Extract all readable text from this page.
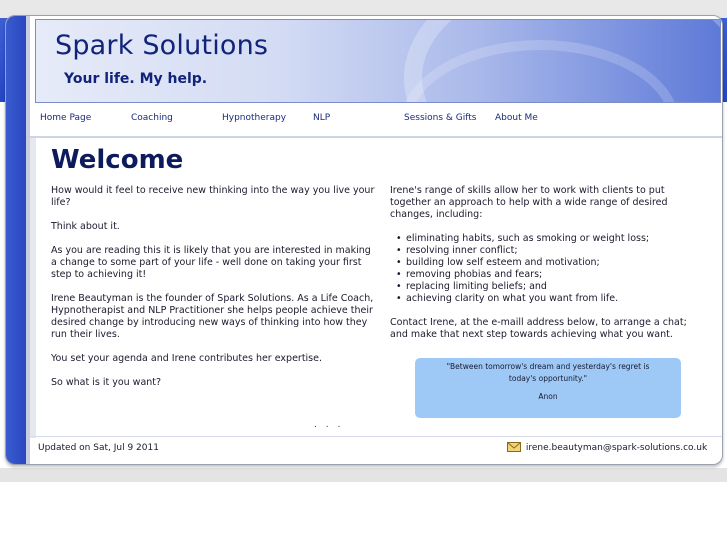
Spark Solutions
Your life. My help.
Home Page	Coaching	Hypnotherapy	NLP	Sessions & Gifts About Me
Welcome

How would it feel to receive new thinking into the way you live your life?

Think about it.

As you are reading this it is likely that you are interested in making a change to some part of your life - well done on taking your first step to achieving it!

Irene Beautyman is the founder of Spark Solutions. As a Life Coach, Hypnotherapist and NLP Practitioner she helps people achieve their desired change by introducing new ways of thinking into how they run their lives.

You set your agenda and Irene contributes her expertise.

So what is it you want?

Irene's range of skills allow her to work with clients to put together an approach to help with a wide range of desired changes, including:

• eliminating habits, such as smoking or weight loss;
• resolving inner conflict;
• building low self esteem and motivation;
• removing phobias and fears;
• replacing limiting beliefs; and
• achieving clarity on what you want from life.

Contact Irene, at the e-maill address below, to arrange a chat; and make that next step towards achieving what you want.

"Between tomorrow's dream and yesterday's regret is today's opportunity."
Anon
. . .
Updated on Sat, Jul 9 2011	irene.beautyman@spark-solutions.co.uk
